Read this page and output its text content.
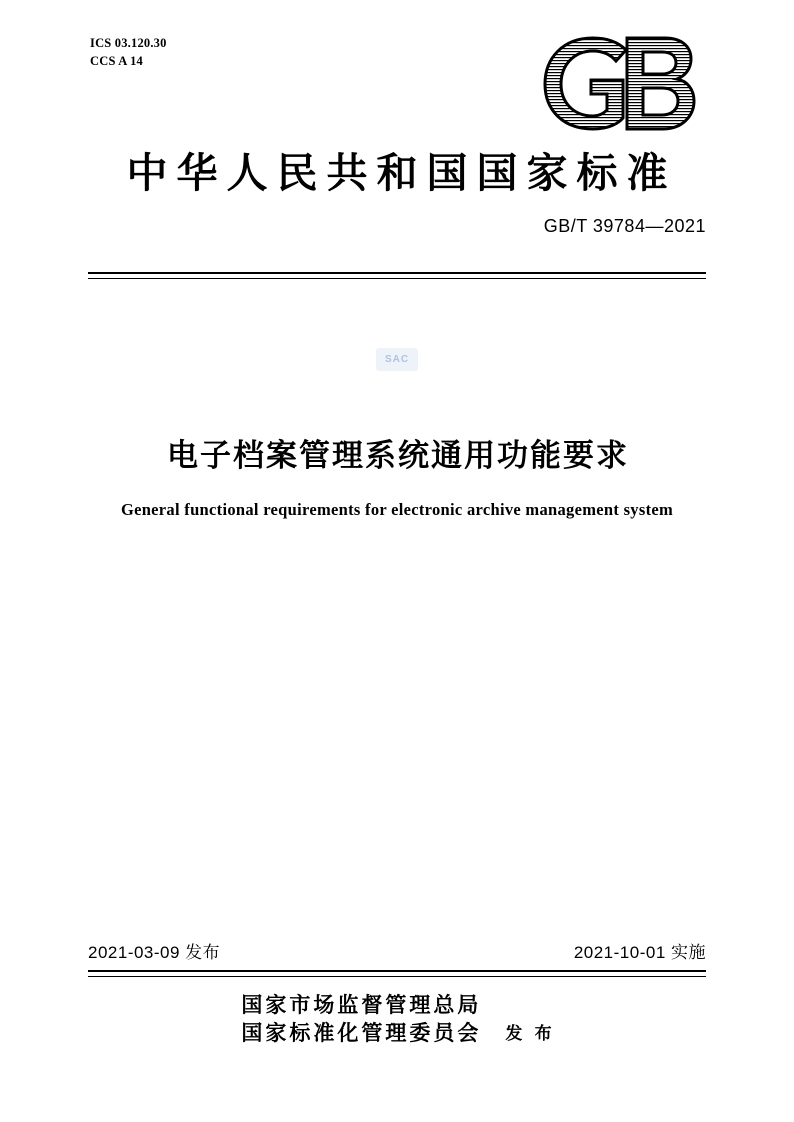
ICS 03.120.30
CCS A 14
中华人民共和国国家标准
GB/T 39784—2021
SAC
电子档案管理系统通用功能要求
General functional requirements for electronic archive management system
2021-03-09 发布	2021-10-01 实施
国家市场监督管理总局
国家标准化管理委员会 发 布
